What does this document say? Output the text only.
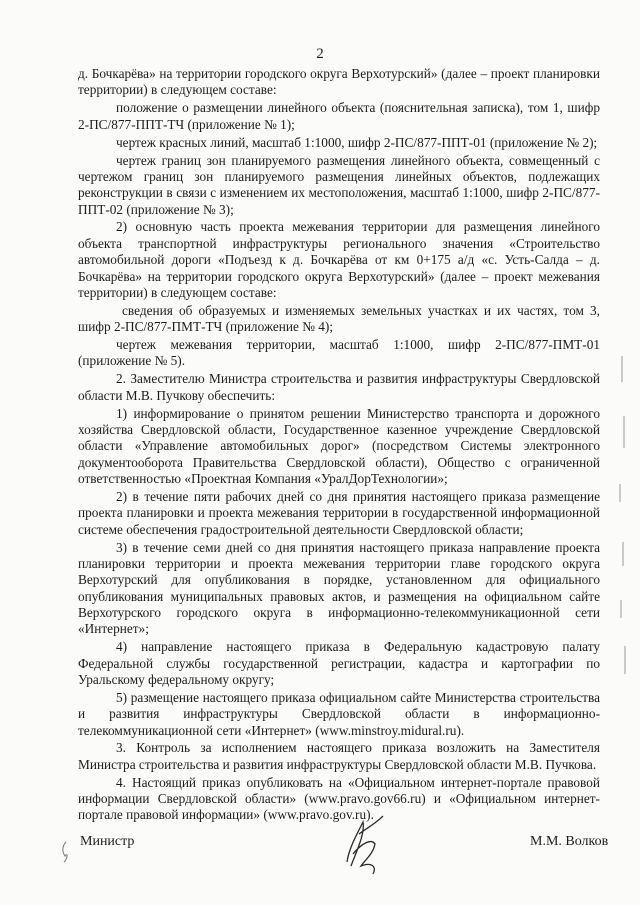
2

д. Бочкарёва» на территории городского округа Верхотурский» (далее – проект планировки территории) в следующем составе:

положение о размещении линейного объекта (пояснительная записка), том 1, шифр 2-ПС/877-ППТ-ТЧ (приложение № 1);

чертеж красных линий, масштаб 1:1000, шифр 2-ПС/877-ППТ-01 (приложение № 2);

чертеж границ зон планируемого размещения линейного объекта, совмещенный с чертежом границ зон планируемого размещения линейных объектов, подлежащих реконструкции в связи с изменением их местоположения, масштаб 1:1000, шифр 2-ПС/877-ППТ-02 (приложение № 3);

2) основную часть проекта межевания территории для размещения линейного объекта транспортной инфраструктуры регионального значения «Строительство автомобильной дороги «Подъезд к д. Бочкарёва от км 0+175 а/д «с. Усть-Салда – д. Бочкарёва» на территории городского округа Верхотурский» (далее – проект межевания территории) в следующем составе:

сведения об образуемых и изменяемых земельных участках и их частях, том 3, шифр 2-ПС/877-ПМТ-ТЧ (приложение № 4);

чертеж межевания территории, масштаб 1:1000, шифр 2-ПС/877-ПМТ-01 (приложение № 5).

2. Заместителю Министра строительства и развития инфраструктуры Свердловской области М.В. Пучкову обеспечить:

1) информирование о принятом решении Министерство транспорта и дорожного хозяйства Свердловской области, Государственное казенное учреждение Свердловской области «Управление автомобильных дорог» (посредством Системы электронного документооборота Правительства Свердловской области), Общество с ограниченной ответственностью «Проектная Компания «УралДорТехнологии»;

2) в течение пяти рабочих дней со дня принятия настоящего приказа размещение проекта планировки и проекта межевания территории в государственной информационной системе обеспечения градостроительной деятельности Свердловской области;

3) в течение семи дней со дня принятия настоящего приказа направление проекта планировки территории и проекта межевания территории главе городского округа Верхотурский для опубликования в порядке, установленном для официального опубликования муниципальных правовых актов, и размещения на официальном сайте Верхотурского городского округа в информационно-телекоммуникационной сети «Интернет»;

4) направление настоящего приказа в Федеральную кадастровую палату Федеральной службы государственной регистрации, кадастра и картографии по Уральскому федеральному округу;

5) размещение настоящего приказа официальном сайте Министерства строительства и развития инфраструктуры Свердловской области в информационно-телекоммуникационной сети «Интернет» (www.minstroy.midural.ru).

3. Контроль за исполнением настоящего приказа возложить на Заместителя Министра строительства и развития инфраструктуры Свердловской области М.В. Пучкова.

4. Настоящий приказ опубликовать на «Официальном интернет-портале правовой информации Свердловской области» (www.pravo.gov66.ru) и «Официальном интернет-портале правовой информации» (www.pravo.gov.ru).

Министр	М.М. Волков
